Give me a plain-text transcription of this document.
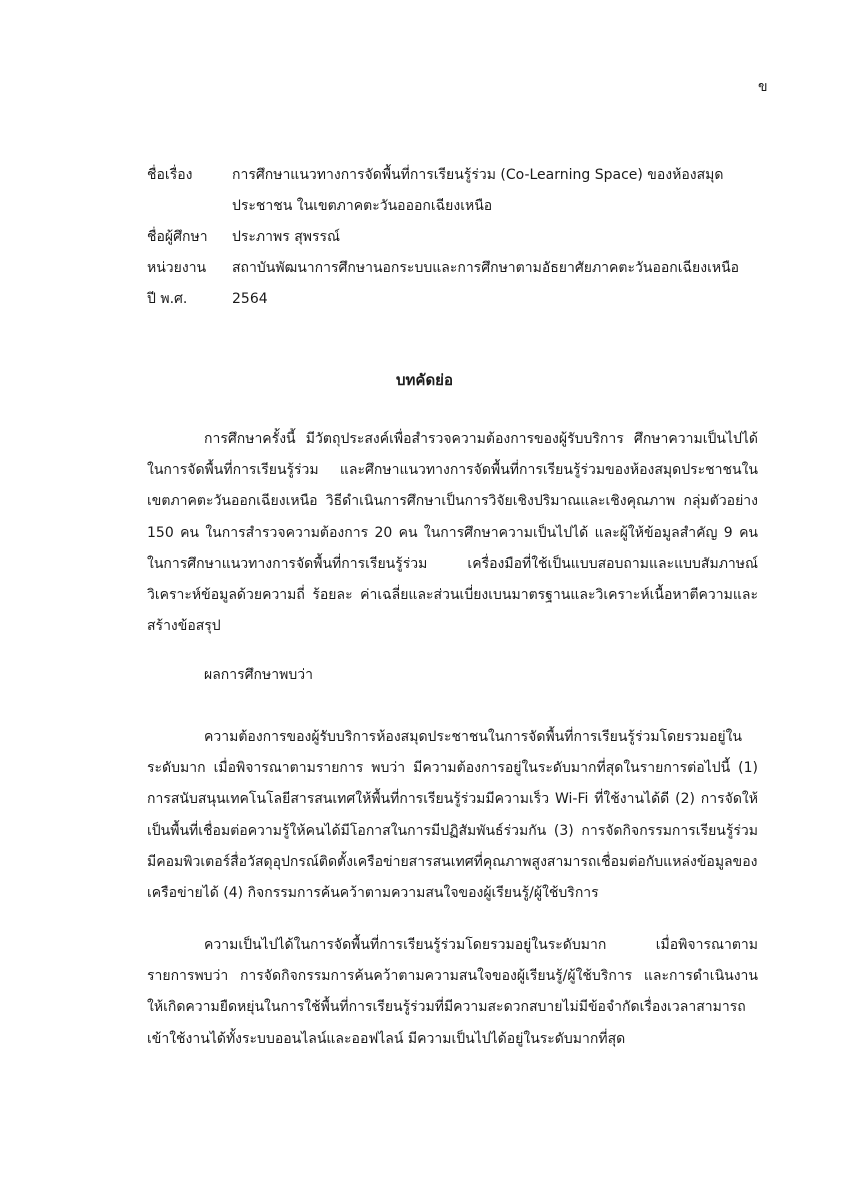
ข
ชื่อเรื่อง	การศึกษาแนวทางการจัดพื้นที่การเรียนรู้ร่วม (Co-Learning Space) ของห้องสมุดประชาชน ในเขตภาคตะวันอออกเฉียงเหนือ
ชื่อผู้ศึกษา	ประภาพร สุพรรณ์
หน่วยงาน	สถาบันพัฒนาการศึกษานอกระบบและการศึกษาตามอัธยาศัยภาคตะวันออกเฉียงเหนือ
ปี พ.ศ.	2564
บทคัดย่อ

การศึกษาครั้งนี้ มีวัตถุประสงค์เพื่อสำรวจความต้องการของผู้รับบริการ ศึกษาความเป็นไปได้ในการจัดพื้นที่การเรียนรู้ร่วม และศึกษาแนวทางการจัดพื้นที่การเรียนรู้ร่วมของห้องสมุดประชาชนในเขตภาคตะวันออกเฉียงเหนือ วิธีดำเนินการศึกษาเป็นการวิจัยเชิงปริมาณและเชิงคุณภาพ กลุ่มตัวอย่าง 150 คน ในการสำรวจความต้องการ 20 คน ในการศึกษาความเป็นไปได้ และผู้ให้ข้อมูลสำคัญ 9 คน ในการศึกษาแนวทางการจัดพื้นที่การเรียนรู้ร่วม เครื่องมือที่ใช้เป็นแบบสอบถามและแบบสัมภาษณ์ วิเคราะห์ข้อมูลด้วยความถี่ ร้อยละ ค่าเฉลี่ยและส่วนเบี่ยงเบนมาตรฐานและวิเคราะห์เนื้อหาตีความและสร้างข้อสรุป

ผลการศึกษาพบว่า

ความต้องการของผู้รับบริการห้องสมุดประชาชนในการจัดพื้นที่การเรียนรู้ร่วมโดยรวมอยู่ในระดับมาก เมื่อพิจารณาตามรายการ พบว่า มีความต้องการอยู่ในระดับมากที่สุดในรายการต่อไปนี้ (1) การสนับสนุนเทคโนโลยีสารสนเทศให้พื้นที่การเรียนรู้ร่วมมีความเร็ว Wi-Fi ที่ใช้งานได้ดี (2) การจัดให้เป็นพื้นที่เชื่อมต่อความรู้ให้คนได้มีโอกาสในการมีปฏิสัมพันธ์ร่วมกัน (3) การจัดกิจกรรมการเรียนรู้ร่วมมีคอมพิวเตอร์สื่อวัสดุอุปกรณ์ติดตั้งเครือข่ายสารสนเทศที่คุณภาพสูงสามารถเชื่อมต่อกับแหล่งข้อมูลของเครือข่ายได้ (4) กิจกรรมการค้นคว้าตามความสนใจของผู้เรียนรู้/ผู้ใช้บริการ

ความเป็นไปได้ในการจัดพื้นที่การเรียนรู้ร่วมโดยรวมอยู่ในระดับมาก เมื่อพิจารณาตามรายการพบว่า การจัดกิจกรรมการค้นคว้าตามความสนใจของผู้เรียนรู้/ผู้ใช้บริการ และการดำเนินงานให้เกิดความยืดหยุ่นในการใช้พื้นที่การเรียนรู้ร่วมที่มีความสะดวกสบายไม่มีข้อจำกัดเรื่องเวลาสามารถเข้าใช้งานได้ทั้งระบบออนไลน์และออฟไลน์ มีความเป็นไปได้อยู่ในระดับมากที่สุด
